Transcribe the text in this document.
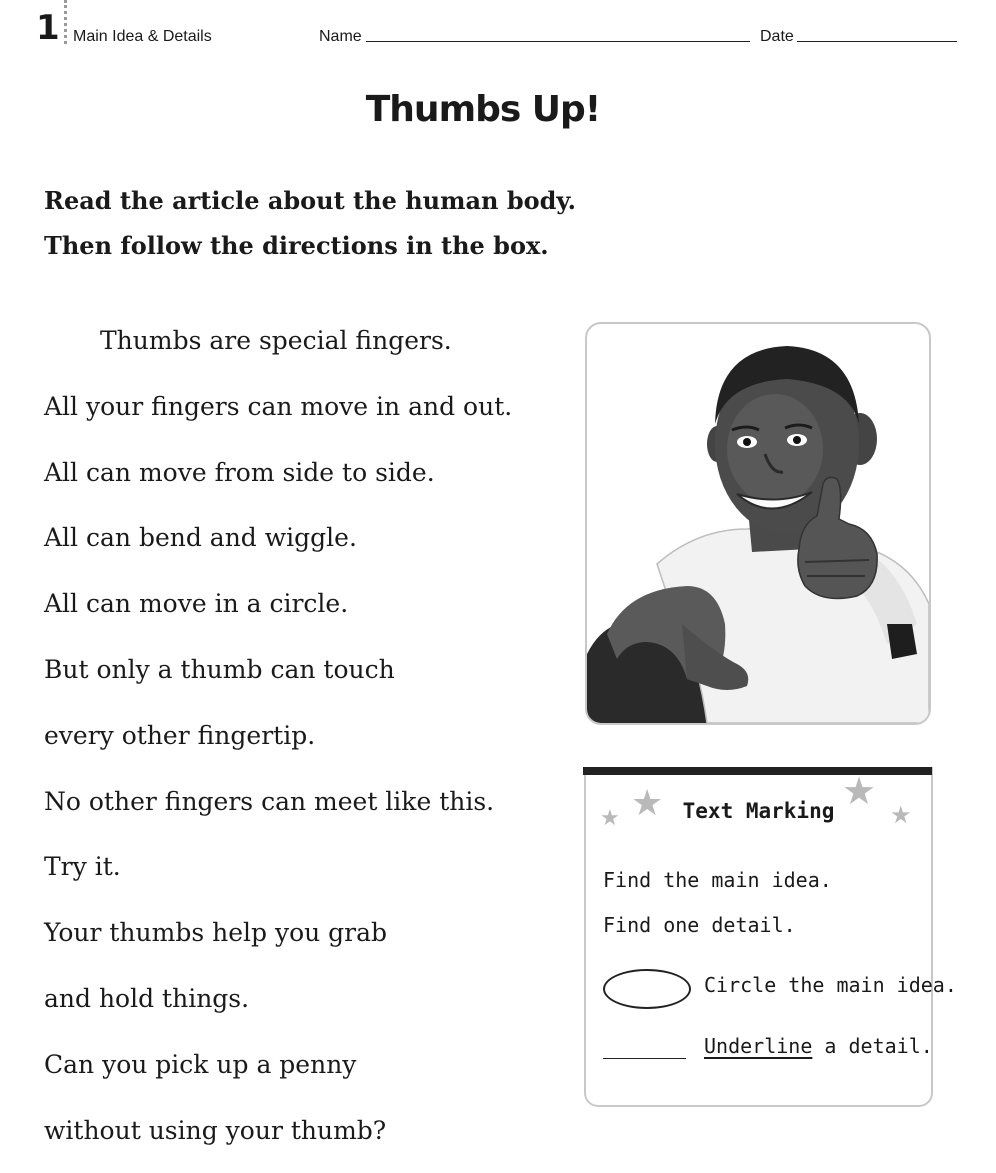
1 Main Idea & Details	Name	Date
Thumbs Up!
Read the article about the human body.
Then follow the directions in the box.
Thumbs are special fingers.
All your fingers can move in and out.
All can move from side to side.
All can bend and wiggle.
All can move in a circle.
But only a thumb can touch
every other fingertip.
No other fingers can meet like this.
Try it.
Your thumbs help you grab
and hold things.
Can you pick up a penny
without using your thumb?
★ ★	★
★
Text Marking
Find the main idea.
Find one detail.
Circle the main idea.
Underline a detail.
